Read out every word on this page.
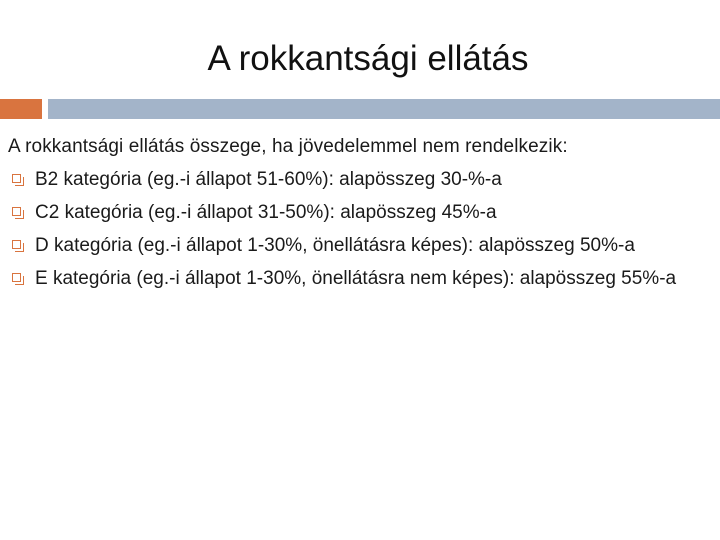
A rokkantsági ellátás

A rokkantsági ellátás összege, ha jövedelemmel nem rendelkezik:

B2 kategória (eg.-i állapot 51-60%): alapösszeg 30-%-a
C2 kategória (eg.-i állapot 31-50%): alapösszeg 45%-a
D kategória (eg.-i állapot 1-30%, önellátásra képes): alapösszeg 50%-a
E kategória (eg.-i állapot 1-30%, önellátásra nem képes): alapösszeg 55%-a
